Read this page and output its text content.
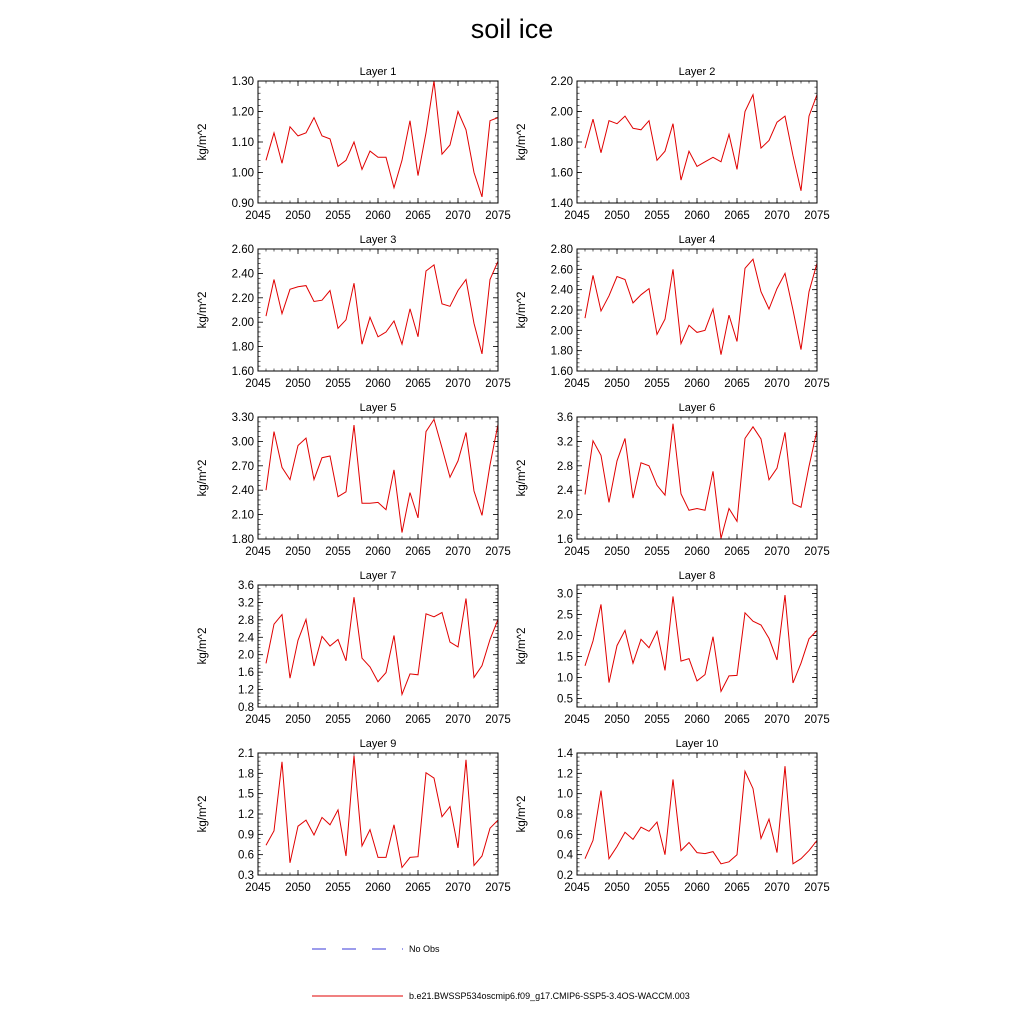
soil ice
Layer 1
2045 2050 2055 2060 2065 2070 2075
0.90
1.00
1.10
1.20
1.30
kg/m^2
Layer 2
2045 2050 2055 2060 2065 2070 2075
1.40
1.60
1.80
2.00
2.20
kg/m^2
Layer 3
2045 2050 2055 2060 2065 2070 2075
1.60
1.80
2.00
2.20
2.40
2.60
kg/m^2
Layer 4
2045 2050 2055 2060 2065 2070 2075
1.60
1.80
2.00
2.20
2.40
2.60
2.80
kg/m^2
Layer 5
2045 2050 2055 2060 2065 2070 2075
1.80
2.10
2.40
2.70
3.00
3.30
kg/m^2
Layer 6
2045 2050 2055 2060 2065 2070 2075
1.6
2.0
2.4
2.8
3.2
3.6
kg/m^2
Layer 7
2045 2050 2055 2060 2065 2070 2075
0.8
1.2
1.6
2.0
2.4
2.8
3.2
3.6
kg/m^2
Layer 8
2045 2050 2055 2060 2065 2070 2075
0.5
1.0
1.5
2.0
2.5
3.0
kg/m^2
Layer 9
2045 2050 2055 2060 2065 2070 2075
0.3
0.6
0.9
1.2
1.5
1.8
2.1
kg/m^2
Layer 10
2045 2050 2055 2060 2065 2070 2075
0.2
0.4
0.6
0.8
1.0
1.2
1.4
kg/m^2
No Obs
b.e21.BWSSP534oscmip6.f09_g17.CMIP6-SSP5-3.4OS-WACCM.003
